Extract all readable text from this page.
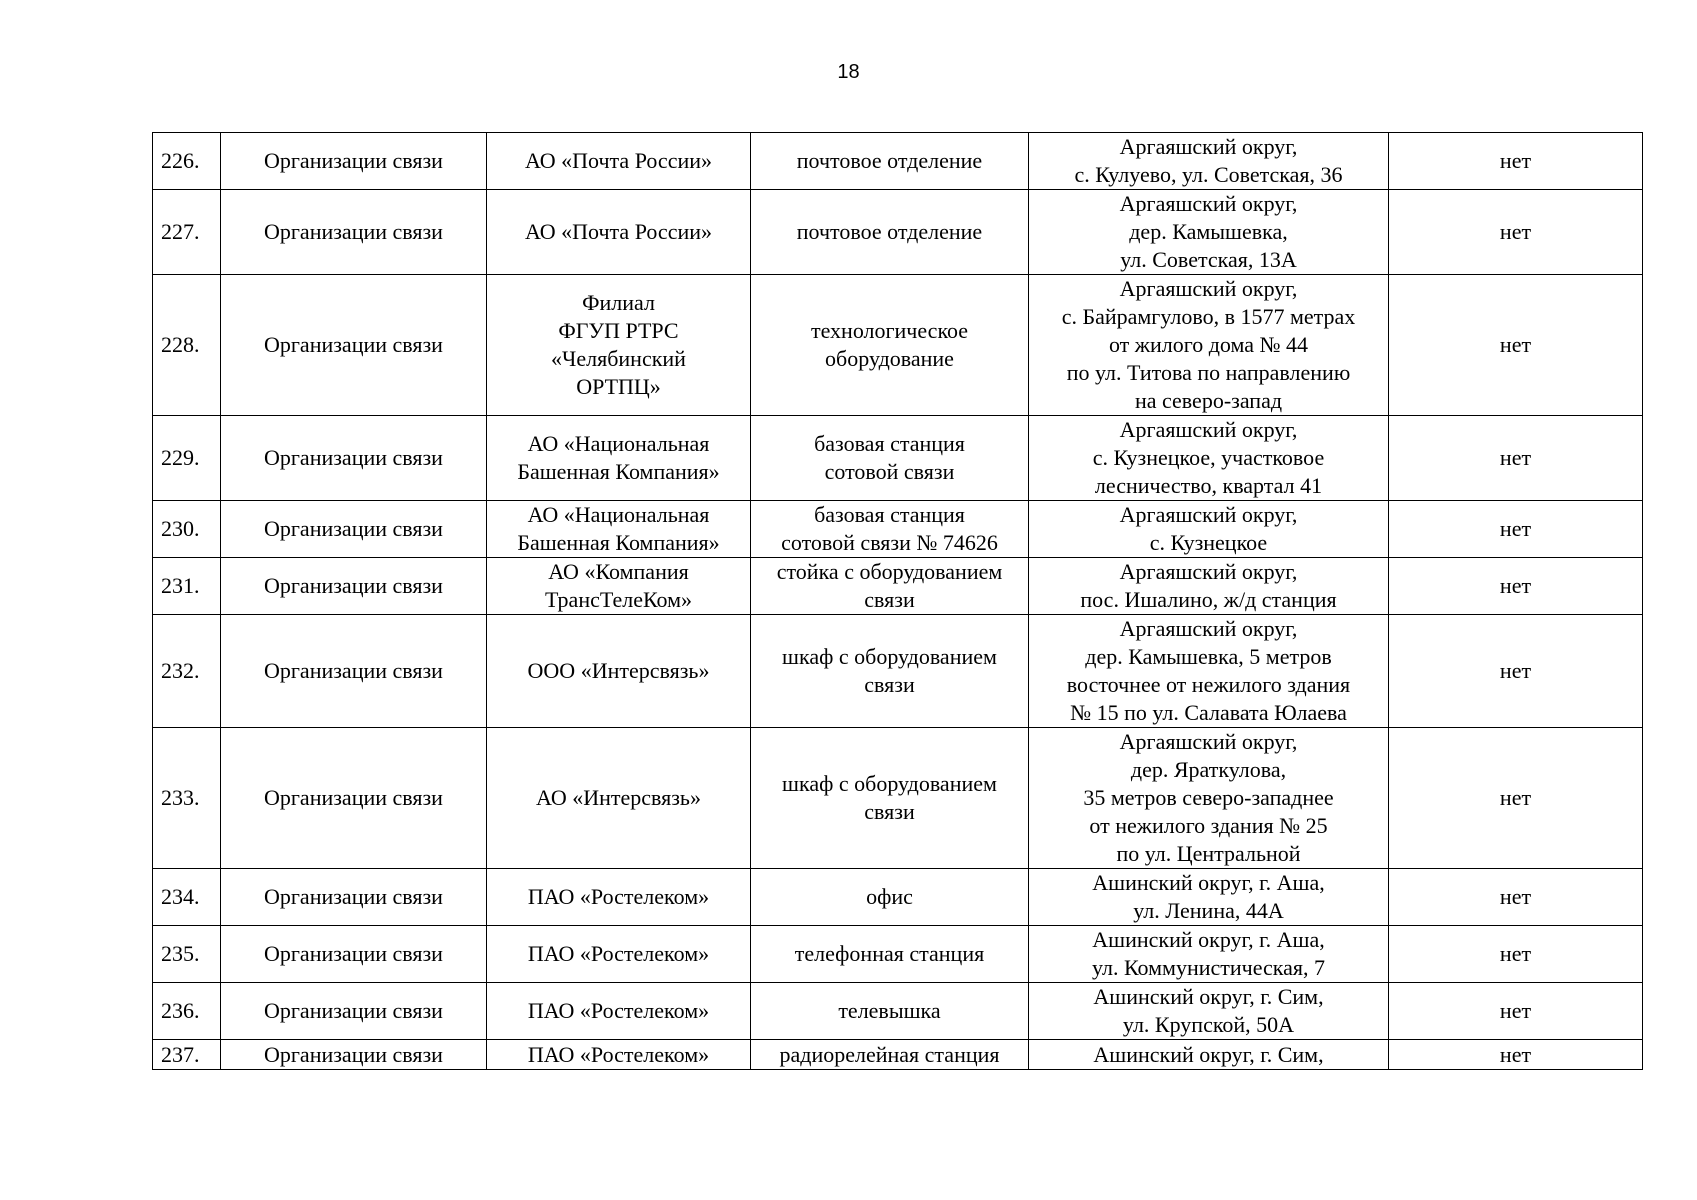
18
226.	Организации связи	АО «Почта России»	почтовое отделение	Аргаяшский округ,
с. Кулуево, ул. Советская, 36	нет
227.	Организации связи	АО «Почта России»	почтовое отделение	Аргаяшский округ,
дер. Камышевка,
ул. Советская, 13А	нет
228.	Организации связи	Филиал
ФГУП РТРС
«Челябинский
ОРТПЦ»	технологическое
оборудование	Аргаяшский округ,
с. Байрамгулово, в 1577 метрах
от жилого дома № 44
по ул. Титова по направлению
на северо-запад	нет
229.	Организации связи	АО «Национальная
Башенная Компания»	базовая станция
сотовой связи	Аргаяшский округ,
с. Кузнецкое, участковое
лесничество, квартал 41	нет
230.	Организации связи	АО «Национальная
Башенная Компания»	базовая станция
сотовой связи № 74626	Аргаяшский округ,
с. Кузнецкое	нет
231.	Организации связи	АО «Компания
ТрансТелеКом»	стойка с оборудованием
связи	Аргаяшский округ,
пос. Ишалино, ж/д станция	нет
232.	Организации связи	ООО «Интерсвязь»	шкаф с оборудованием
связи	Аргаяшский округ,
дер. Камышевка, 5 метров
восточнее от нежилого здания
№ 15 по ул. Салавата Юлаева	нет
233.	Организации связи	АО «Интерсвязь»	шкаф с оборудованием
связи	Аргаяшский округ,
дер. Яраткулова,
35 метров северо-западнее
от нежилого здания № 25
по ул. Центральной	нет
234.	Организации связи	ПАО «Ростелеком»	офис	Ашинский округ, г. Аша,
ул. Ленина, 44А	нет
235.	Организации связи	ПАО «Ростелеком»	телефонная станция	Ашинский округ, г. Аша,
ул. Коммунистическая, 7	нет
236.	Организации связи	ПАО «Ростелеком»	телевышка	Ашинский округ, г. Сим,
ул. Крупской, 50А	нет
237.	Организации связи	ПАО «Ростелеком»	радиорелейная станция	Ашинский округ, г. Сим,	нет
